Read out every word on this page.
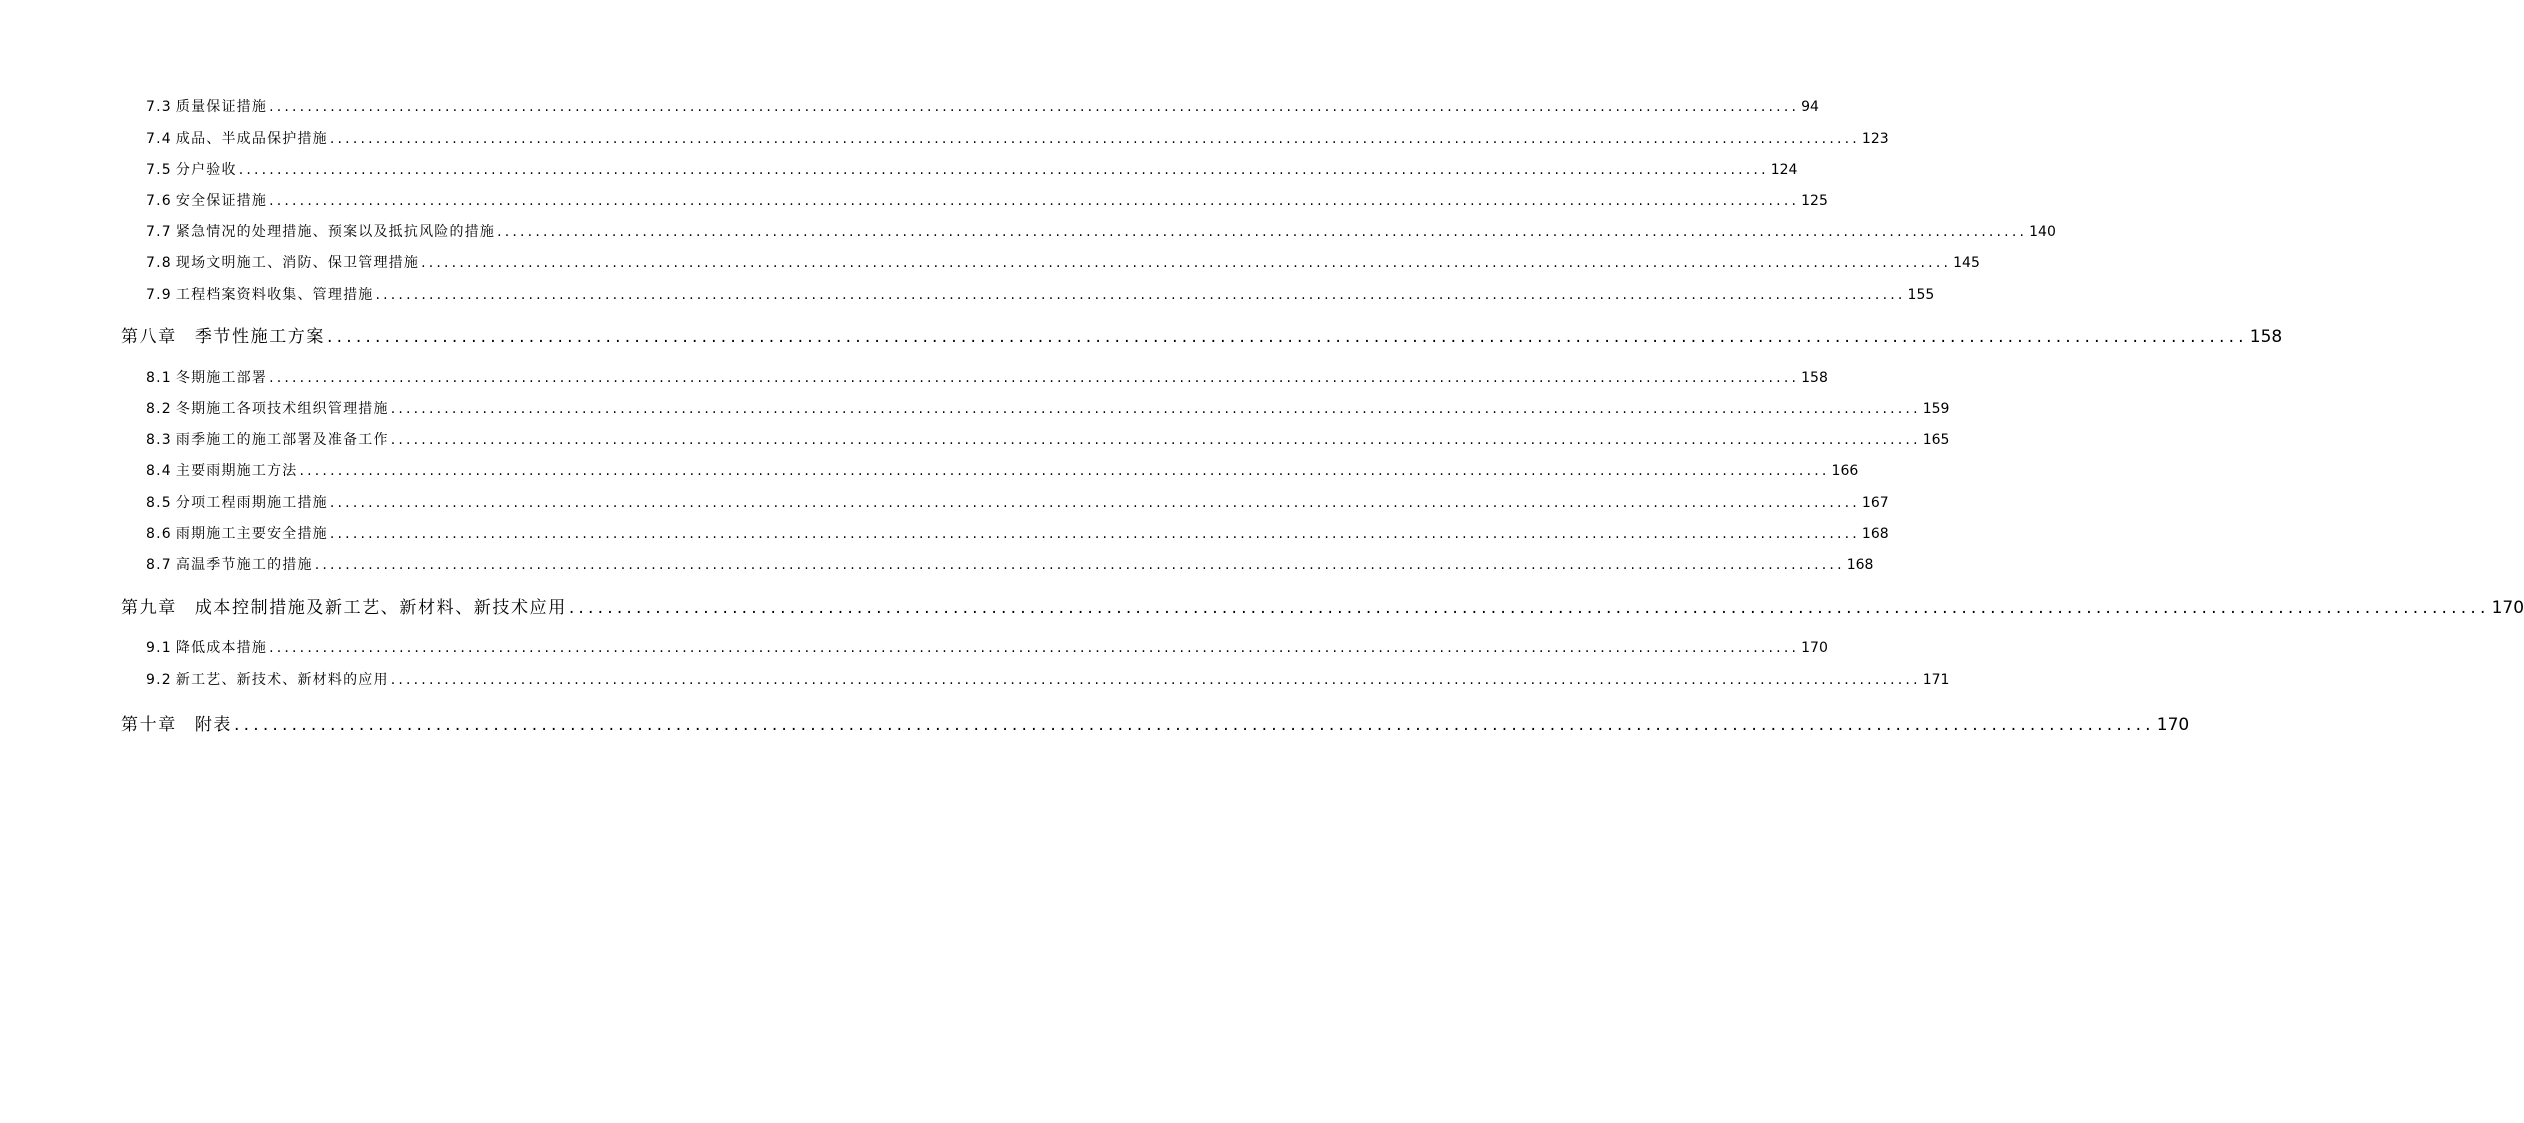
7.3 质量保证措施 ........................................................................................................................................................................................................ 94
7.4 成品、半成品保护措施 ........................................................................................................................................................................................................ 123
7.5 分户验收 ........................................................................................................................................................................................................ 124
7.6 安全保证措施 ........................................................................................................................................................................................................ 125
7.7 紧急情况的处理措施、预案以及抵抗风险的措施 ........................................................................................................................................................................................................ 140
7.8 现场文明施工、消防、保卫管理措施 ........................................................................................................................................................................................................ 145
7.9 工程档案资料收集、管理措施 ........................................................................................................................................................................................................ 155
第八章 季节性施工方案 ........................................................................................................................................................................................................ 158
8.1 冬期施工部署 ........................................................................................................................................................................................................ 158
8.2 冬期施工各项技术组织管理措施 ........................................................................................................................................................................................................ 159
8.3 雨季施工的施工部署及准备工作 ........................................................................................................................................................................................................ 165
8.4 主要雨期施工方法 ........................................................................................................................................................................................................ 166
8.5 分项工程雨期施工措施 ........................................................................................................................................................................................................ 167
8.6 雨期施工主要安全措施 ........................................................................................................................................................................................................ 168
8.7 高温季节施工的措施 ........................................................................................................................................................................................................ 168
第九章 成本控制措施及新工艺、新材料、新技术应用 ........................................................................................................................................................................................................ 170
9.1 降低成本措施 ........................................................................................................................................................................................................ 170
9.2 新工艺、新技术、新材料的应用 ........................................................................................................................................................................................................ 171
第十章 附表 ........................................................................................................................................................................................................ 170
